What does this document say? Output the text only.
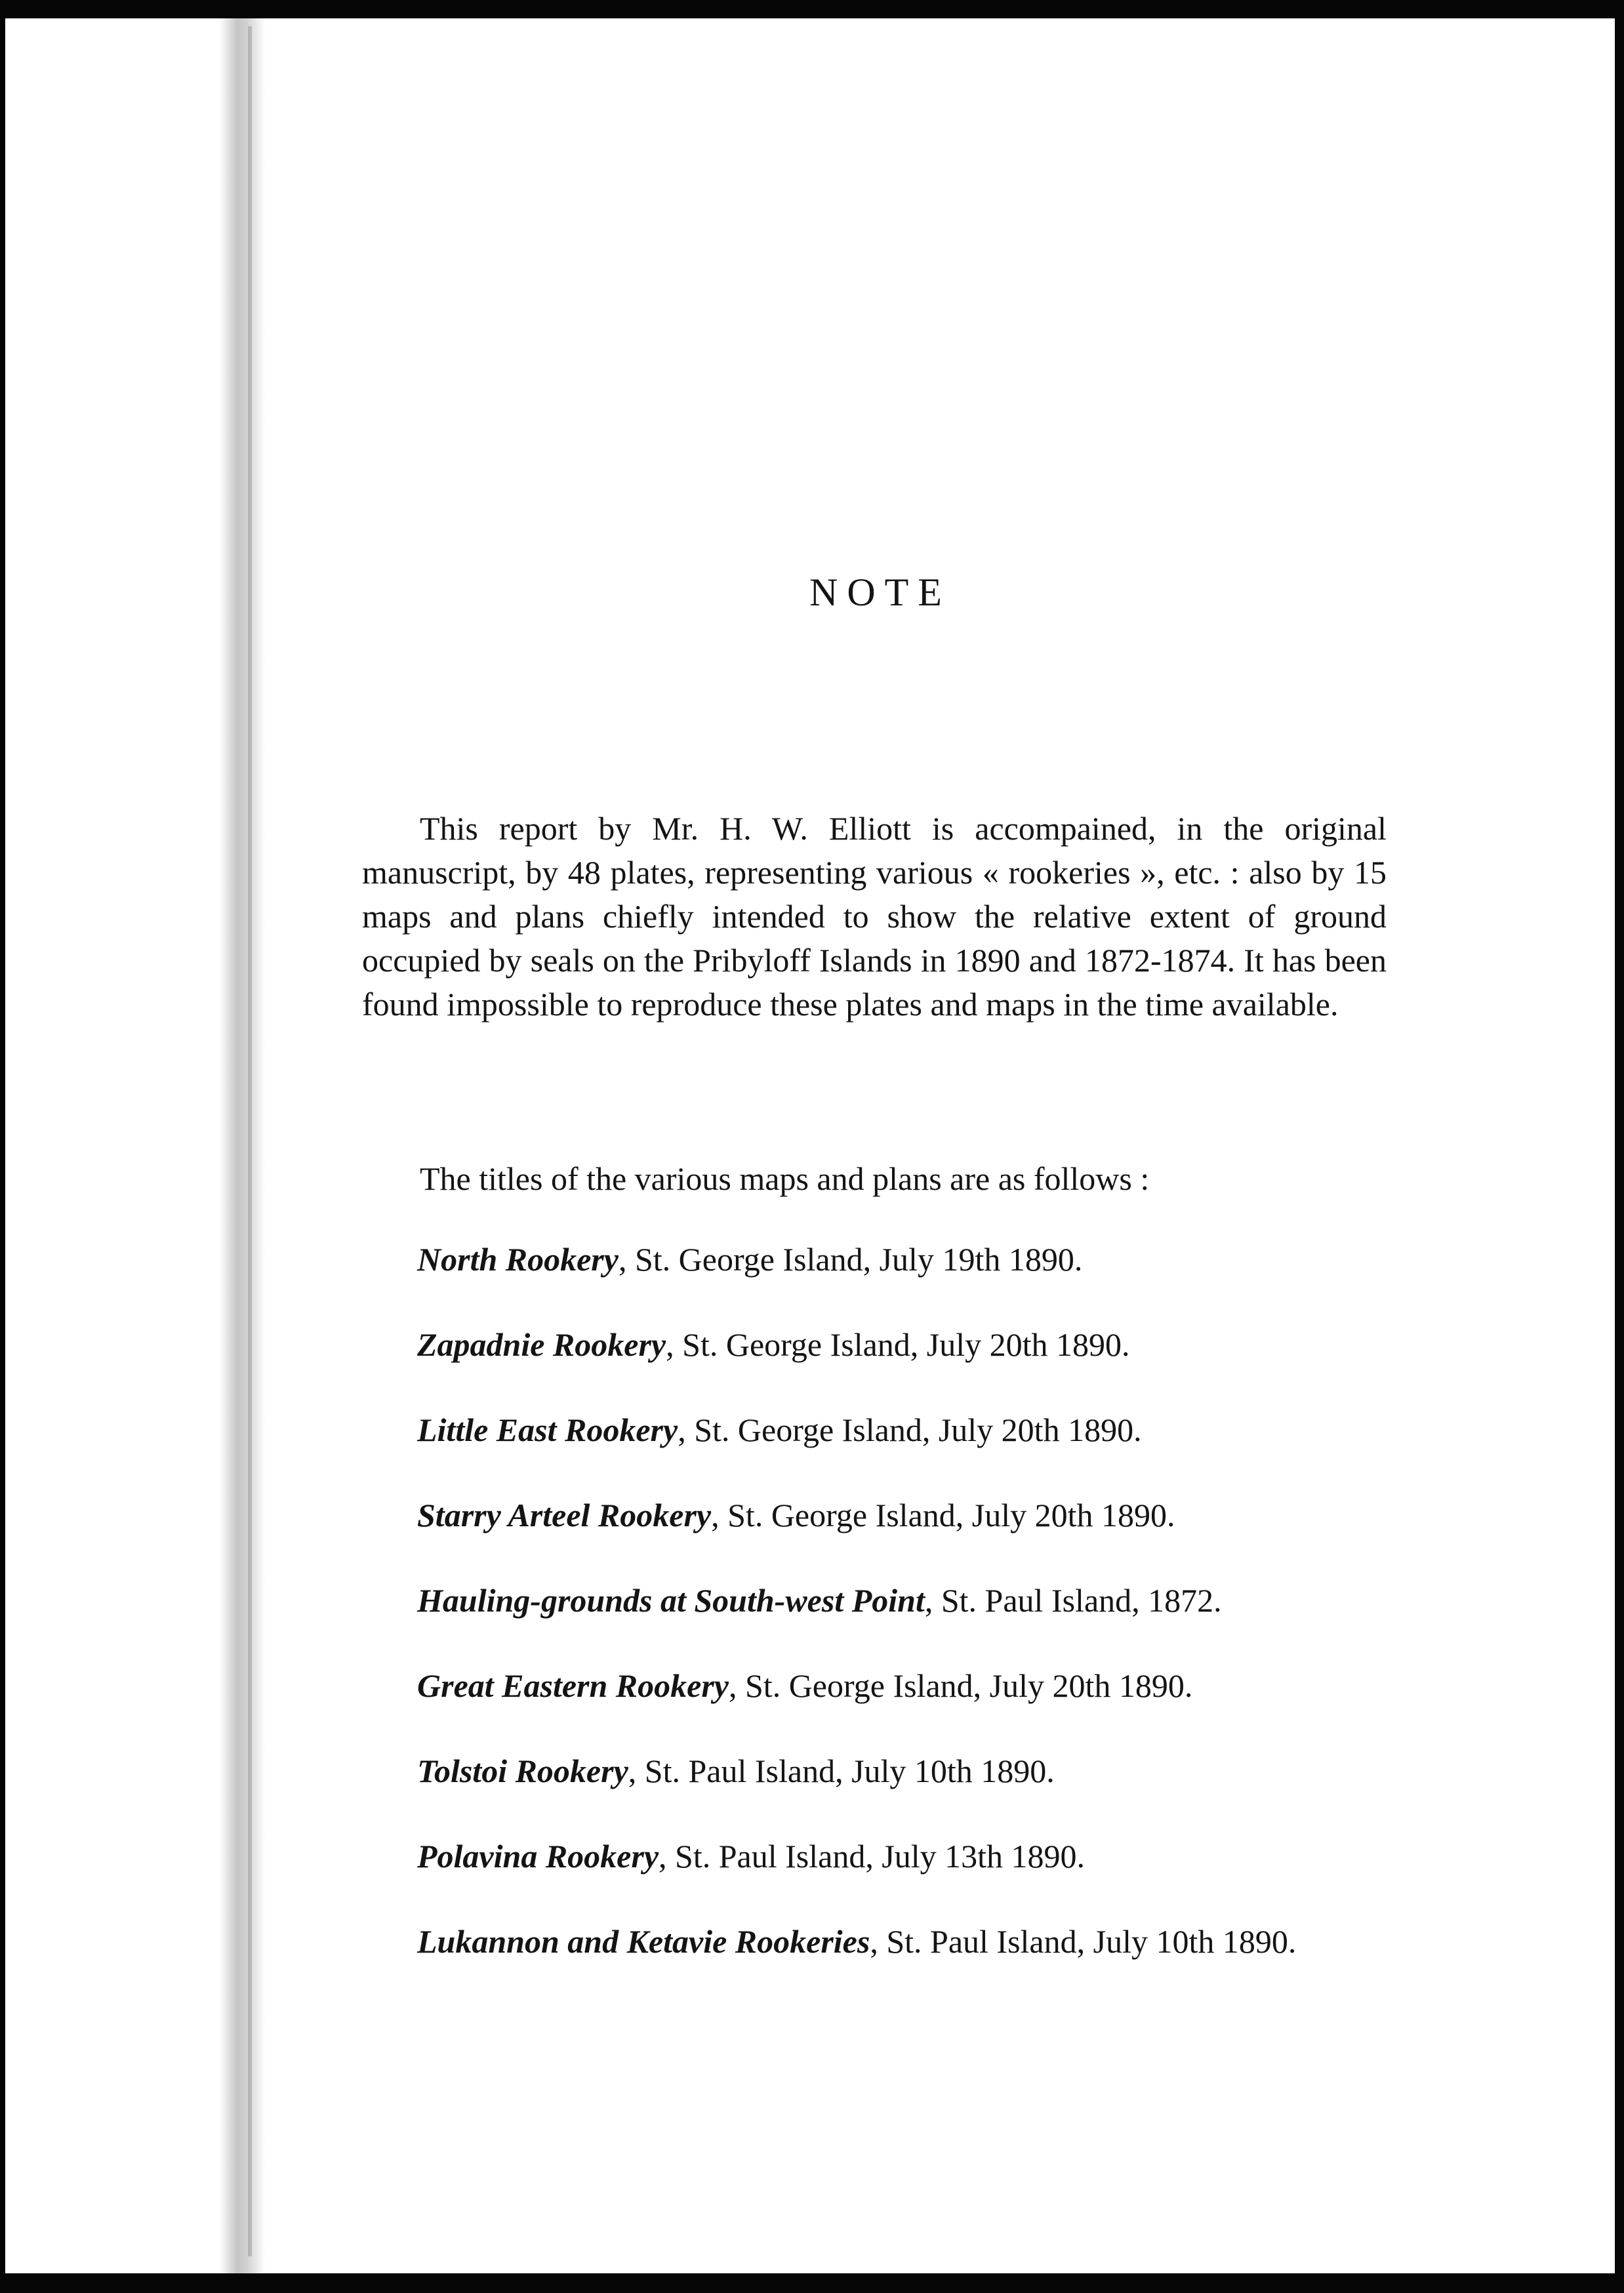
NOTE

This report by Mr. H. W. Elliott is accompained, in the original manuscript, by 48 plates, representing various « rookeries », etc. : also by 15 maps and plans chiefly intended to show the relative extent of ground occupied by seals on the Pribyloff Islands in 1890 and 1872-1874. It has been found impossible to reproduce these plates and maps in the time available.

The titles of the various maps and plans are as follows :

North Rookery, St. George Island, July 19th 1890.
Zapadnie Rookery, St. George Island, July 20th 1890.
Little East Rookery, St. George Island, July 20th 1890.
Starry Arteel Rookery, St. George Island, July 20th 1890.
Hauling-grounds at South-west Point, St. Paul Island, 1872.
Great Eastern Rookery, St. George Island, July 20th 1890.
Tolstoi Rookery, St. Paul Island, July 10th 1890.
Polavina Rookery, St. Paul Island, July 13th 1890.
Lukannon and Ketavie Rookeries, St. Paul Island, July 10th 1890.
